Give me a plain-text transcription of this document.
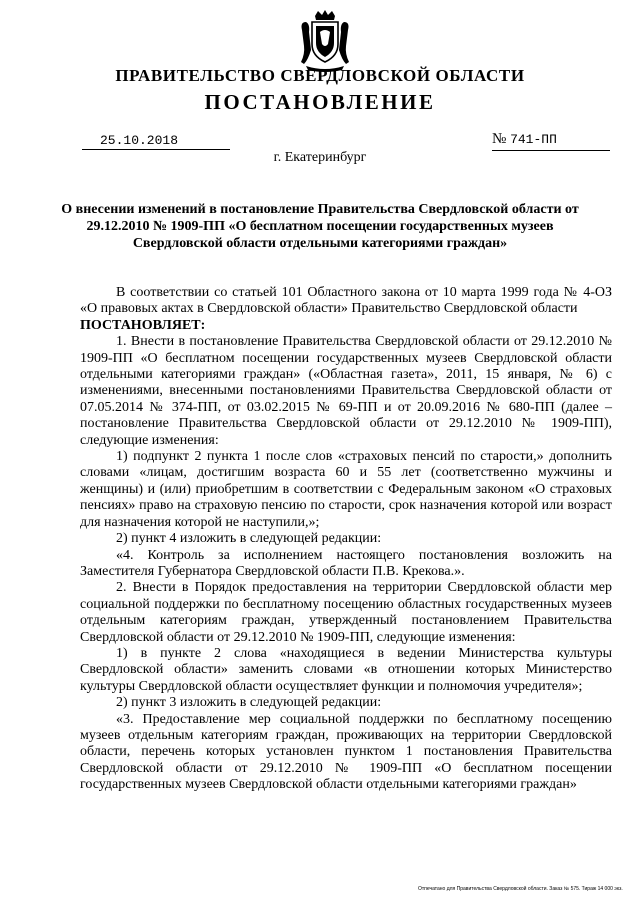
ПРАВИТЕЛЬСТВО СВЕРДЛОВСКОЙ ОБЛАСТИ
ПОСТАНОВЛЕНИЕ
25.10.2018	№ 741-ПП
г. Екатеринбург
О внесении изменений в постановление Правительства Свердловской области от 29.12.2010 № 1909-ПП «О бесплатном посещении государственных музеев Свердловской области отдельными категориями граждан»

В соответствии со статьей 101 Областного закона от 10 марта 1999 года № 4-ОЗ «О правовых актах в Свердловской области» Правительство Свердловской области

ПОСТАНОВЛЯЕТ:

1. Внести в постановление Правительства Свердловской области от 29.12.2010 № 1909-ПП «О бесплатном посещении государственных музеев Свердловской области отдельными категориями граждан» («Областная газета», 2011, 15 января, № 6) с изменениями, внесенными постановлениями Правительства Свердловской области от 07.05.2014 № 374-ПП, от 03.02.2015 № 69-ПП и от 20.09.2016 № 680-ПП (далее – постановление Правительства Свердловской области от 29.12.2010 № 1909-ПП), следующие изменения:

1) подпункт 2 пункта 1 после слов «страховых пенсий по старости,» дополнить словами «лицам, достигшим возраста 60 и 55 лет (соответственно мужчины и женщины) и (или) приобретшим в соответствии с Федеральным законом «О страховых пенсиях» право на страховую пенсию по старости, срок назначения которой или возраст для назначения которой не наступили,»;

2) пункт 4 изложить в следующей редакции:

«4. Контроль за исполнением настоящего постановления возложить на Заместителя Губернатора Свердловской области П.В. Крекова.».

2. Внести в Порядок предоставления на территории Свердловской области мер социальной поддержки по бесплатному посещению областных государственных музеев отдельным категориям граждан, утвержденный постановлением Правительства Свердловской области от 29.12.2010 № 1909-ПП, следующие изменения:

1) в пункте 2 слова «находящиеся в ведении Министерства культуры Свердловской области» заменить словами «в отношении которых Министерство культуры Свердловской области осуществляет функции и полномочия учредителя»;

2) пункт 3 изложить в следующей редакции:

«3. Предоставление мер социальной поддержки по бесплатному посещению музеев отдельным категориям граждан, проживающих на территории Свердловской области, перечень которых установлен пунктом 1 постановления Правительства Свердловской области от 29.12.2010 № 1909-ПП «О бесплатном посещении государственных музеев Свердловской области отдельными категориями граждан»

Отпечатано для Правительства Свердловской области. Заказ № 575. Тираж 14 000 экз.
